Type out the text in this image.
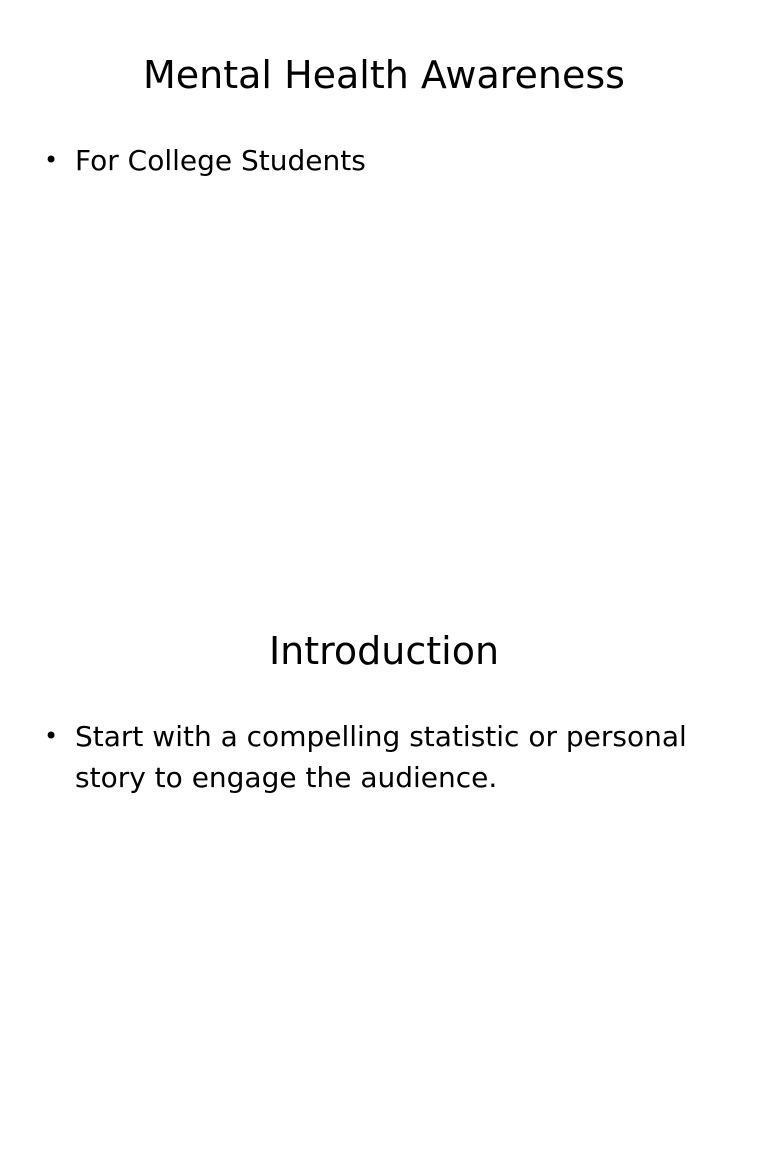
Mental Health Awareness
• For College Students
Introduction
• Start with a compelling statistic or personal story to engage the audience.
